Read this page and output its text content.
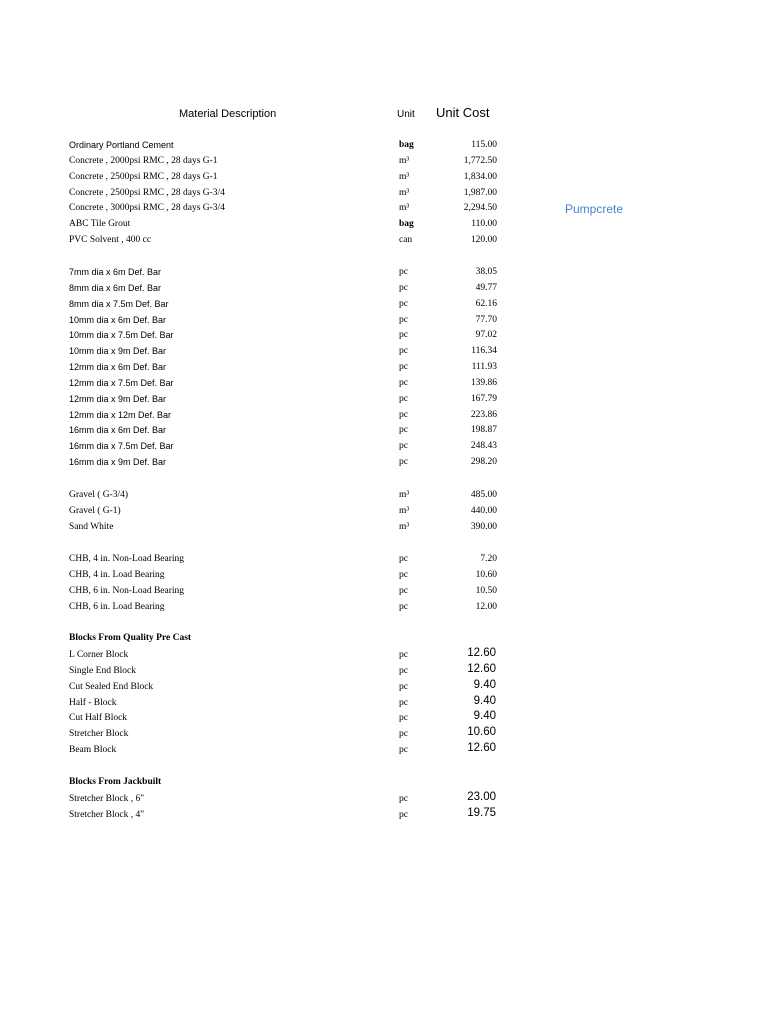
Material Description	Unit Unit Cost
Pumpcrete
Ordinary Portland Cement	bag	115.00
Concrete , 2000psi RMC , 28 days G-1	m³	1,772.50
Concrete , 2500psi RMC , 28 days G-1	m³	1,834.00
Concrete , 2500psi RMC , 28 days G-3/4	m³	1,987.00
Concrete , 3000psi RMC , 28 days G-3/4	m³	2,294.50
ABC Tile Grout	bag	110.00
PVC Solvent , 400 cc	can	120.00
7mm dia x 6m Def. Bar	pc	38.05
8mm dia x 6m Def. Bar	pc	49.77
8mm dia x 7.5m Def. Bar	pc	62.16
10mm dia x 6m Def. Bar	pc	77.70
10mm dia x 7.5m Def. Bar	pc	97.02
10mm dia x 9m Def. Bar	pc	116.34
12mm dia x 6m Def. Bar	pc	111.93
12mm dia x 7.5m Def. Bar	pc	139.86
12mm dia x 9m Def. Bar	pc	167.79
12mm dia x 12m Def. Bar	pc	223.86
16mm dia x 6m Def. Bar	pc	198.87
16mm dia x 7.5m Def. Bar	pc	248.43
16mm dia x 9m Def. Bar	pc	298.20
Gravel ( G-3/4)	m³	485.00
Gravel ( G-1)	m³	440.00
Sand White	m³	390.00
CHB, 4 in. Non-Load Bearing	pc	7.20
CHB, 4 in. Load Bearing	pc	10.60
CHB, 6 in. Non-Load Bearing	pc	10.50
CHB, 6 in. Load Bearing	pc	12.00
Blocks From Quality Pre Cast
L Corner Block	pc	12.60
Single End Block	pc	12.60
Cut Sealed End Block	pc	9.40
Half - Block	pc	9.40
Cut Half Block	pc	9.40
Stretcher Block	pc	10.60
Beam Block	pc	12.60
Blocks From Jackbuilt
Stretcher Block , 6"	pc	23.00
Stretcher Block , 4"	pc	19.75
